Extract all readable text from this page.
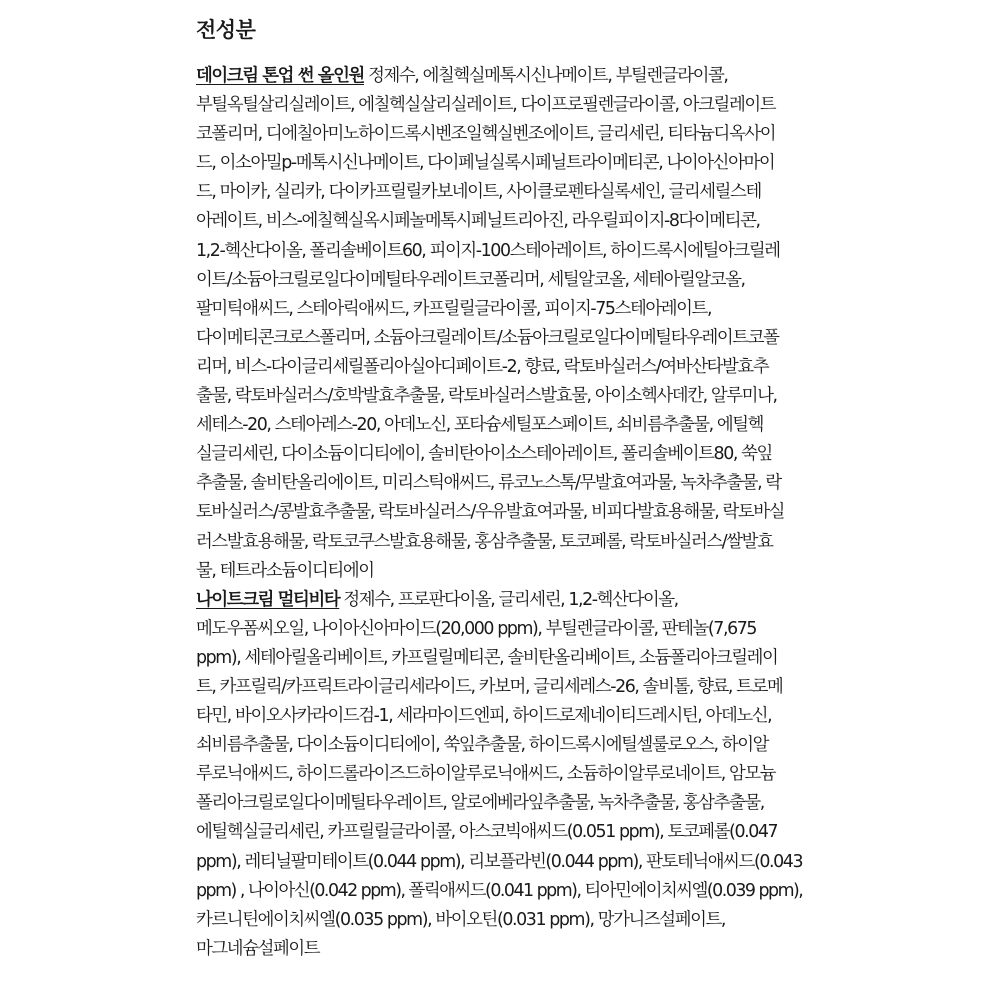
전성분
데이크림 톤업 썬 올인원 정제수, 에칠헥실메톡시신나메이트, 부틸렌글라이콜,
부틸옥틸살리실레이트, 에칠헥실살리실레이트, 다이프로필렌글라이콜, 아크릴레이트
코폴리머, 디에칠아미노하이드록시벤조일헥실벤조에이트, 글리세린, 티타늄디옥사이
드, 이소아밀p-메톡시신나메이트, 다이페닐실록시페닐트라이메티콘, 나이아신아마이
드, 마이카, 실리카, 다이카프릴릴카보네이트, 사이클로펜타실록세인, 글리세릴스테
아레이트, 비스-에칠헥실옥시페놀메톡시페닐트리아진, 라우릴피이지-8다이메티콘,
1,2-헥산다이올, 폴리솔베이트60, 피이지-100스테아레이트, 하이드록시에틸아크릴레
이트/소듐아크릴로일다이메틸타우레이트코폴리머, 세틸알코올, 세테아릴알코올,
팔미틱애씨드, 스테아릭애씨드, 카프릴릴글라이콜, 피이지-75스테아레이트,
다이메티콘크로스폴리머, 소듐아크릴레이트/소듐아크릴로일다이메틸타우레이트코폴
리머, 비스-다이글리세릴폴리아실아디페이트-2, 향료, 락토바실러스/여바산타발효추
출물, 락토바실러스/호박발효추출물, 락토바실러스발효물, 아이소헥사데칸, 알루미나,
세테스-20, 스테아레스-20, 아데노신, 포타슘세틸포스페이트, 쇠비름추출물, 에틸헥
실글리세린, 다이소듐이디티에이, 솔비탄아이소스테아레이트, 폴리솔베이트80, 쑥잎
추출물, 솔비탄올리에이트, 미리스틱애씨드, 류코노스톡/무발효여과물, 녹차추출물, 락
토바실러스/콩발효추출물, 락토바실러스/우유발효여과물, 비피다발효용해물, 락토바실
러스발효용해물, 락토코쿠스발효용해물, 홍삼추출물, 토코페롤, 락토바실러스/쌀발효
물, 테트라소듐이디티에이
나이트크림 멀티비타 정제수, 프로판다이올, 글리세린, 1,2-헥산다이올,
메도우폼씨오일, 나이아신아마이드(20,000 ppm), 부틸렌글라이콜, 판테놀(7,675
ppm), 세테아릴올리베이트, 카프릴릴메티콘, 솔비탄올리베이트, 소듐폴리아크릴레이
트, 카프릴릭/카프릭트라이글리세라이드, 카보머, 글리세레스-26, 솔비톨, 향료, 트로메
타민, 바이오사카라이드검-1, 세라마이드엔피, 하이드로제네이티드레시틴, 아데노신,
쇠비름추출물, 다이소듐이디티에이, 쑥잎추출물, 하이드록시에틸셀룰로오스, 하이알
루로닉애씨드, 하이드롤라이즈드하이알루로닉애씨드, 소듐하이알루로네이트, 암모늄
폴리아크릴로일다이메틸타우레이트, 알로에베라잎추출물, 녹차추출물, 홍삼추출물,
에틸헥실글리세린, 카프릴릴글라이콜, 아스코빅애씨드(0.051 ppm), 토코페롤(0.047
ppm), 레티닐팔미테이트(0.044 ppm), 리보플라빈(0.044 ppm), 판토테닉애씨드(0.043
ppm) , 나이아신(0.042 ppm), 폴릭애씨드(0.041 ppm), 티아민에이치씨엘(0.039 ppm),
카르니틴에이치씨엘(0.035 ppm), 바이오틴(0.031 ppm), 망가니즈설페이트,
마그네슘설페이트
